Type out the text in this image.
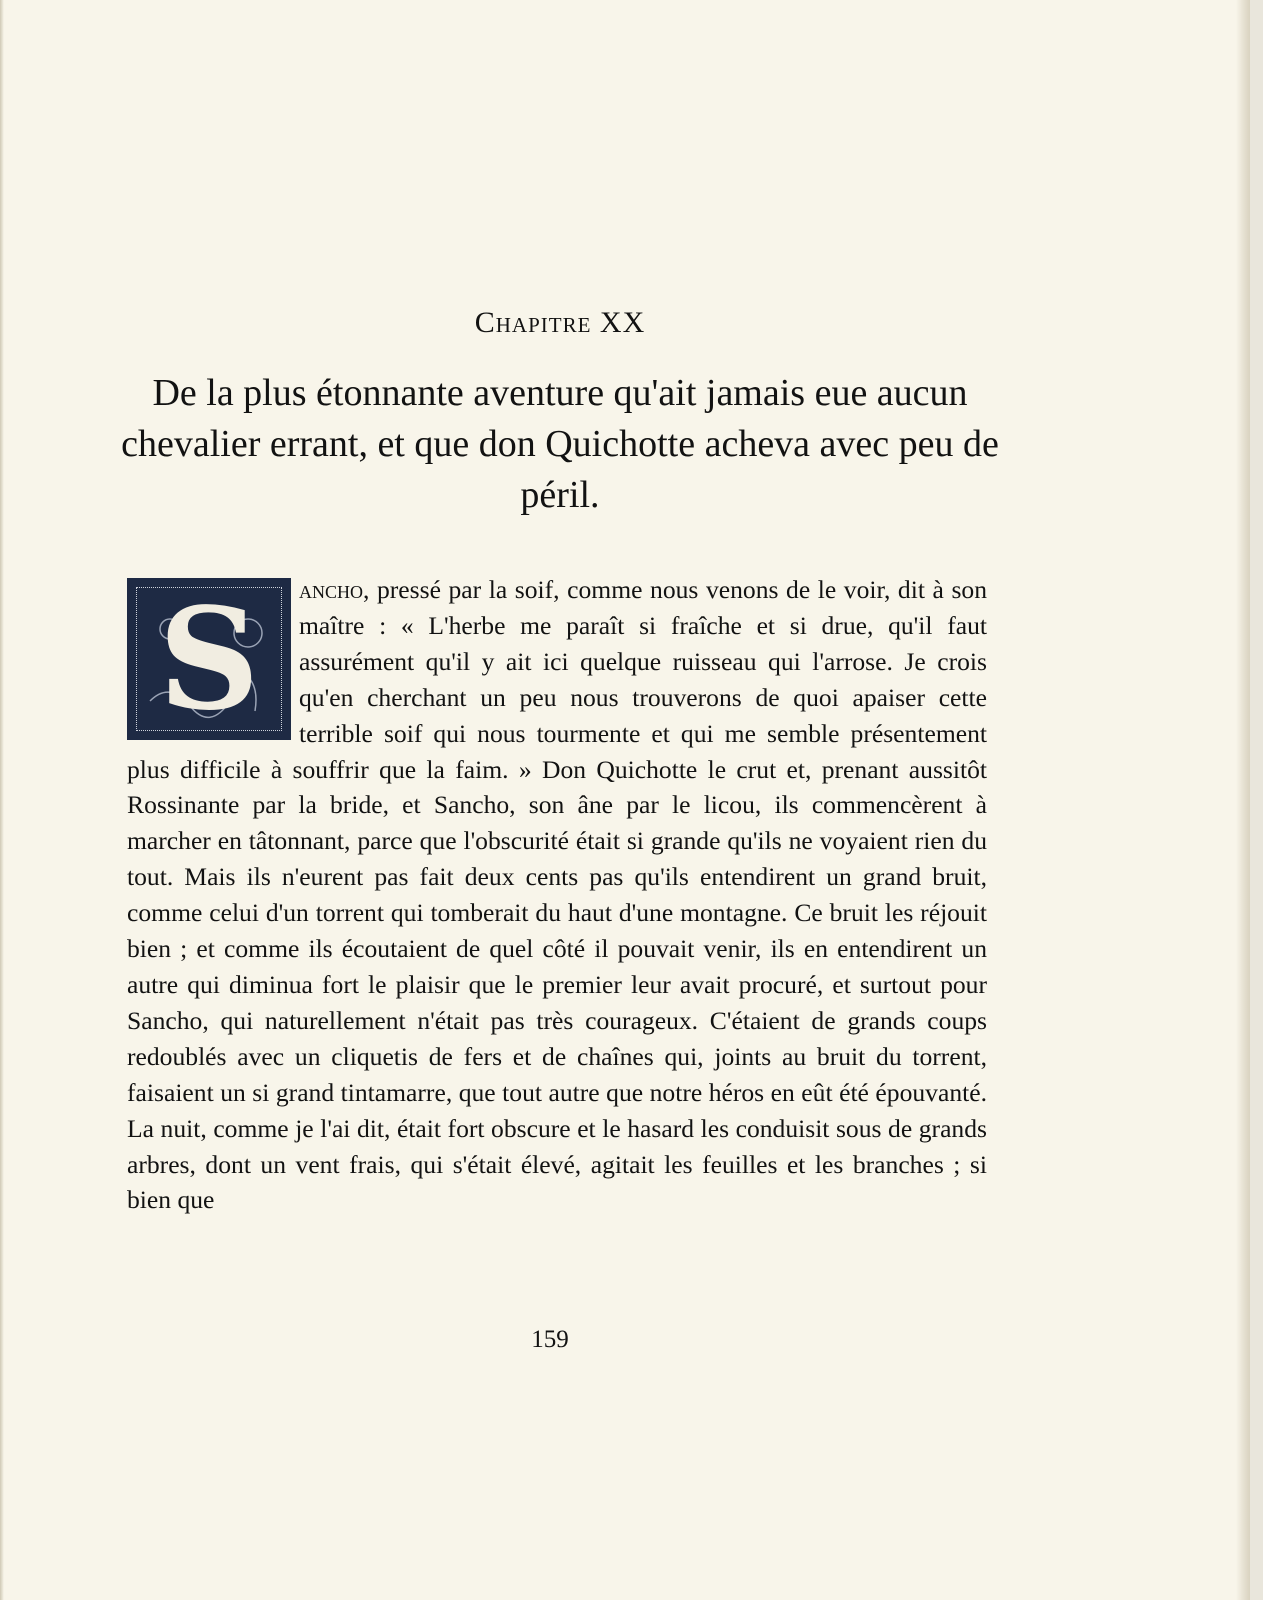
Chapitre XX
De la plus étonnante aventure qu'ait jamais eue aucun chevalier errant, et que don Quichotte acheva avec peu de péril.
S	ancho, pressé par la soif, comme nous venons de le voir, dit à son maître : « L'herbe me paraît si fraîche et si drue, qu'il faut assurément qu'il y ait ici quelque ruisseau qui l'arrose. Je crois qu'en cherchant un peu nous trouverons de quoi apaiser cette terrible soif qui nous tourmente et qui me semble présentement plus difficile à souffrir que la faim. » Don Quichotte le crut et, prenant aussitôt Rossinante par la bride, et Sancho, son âne par le licou, ils commencèrent à marcher en tâtonnant, parce que l'obscurité était si grande qu'ils ne voyaient rien du tout. Mais ils n'eurent pas fait deux cents pas qu'ils entendirent un grand bruit, comme celui d'un torrent qui tomberait du haut d'une montagne. Ce bruit les réjouit bien ; et comme ils écoutaient de quel côté il pouvait venir, ils en entendirent un autre qui diminua fort le plaisir que le premier leur avait procuré, et surtout pour Sancho, qui naturellement n'était pas très courageux. C'étaient de grands coups redoublés avec un cliquetis de fers et de chaînes qui, joints au bruit du torrent, faisaient un si grand tintamarre, que tout autre que notre héros en eût été épouvanté. La nuit, comme je l'ai dit, était fort obscure et le hasard les conduisit sous de grands arbres, dont un vent frais, qui s'était élevé, agitait les feuilles et les branches ; si bien que
159
